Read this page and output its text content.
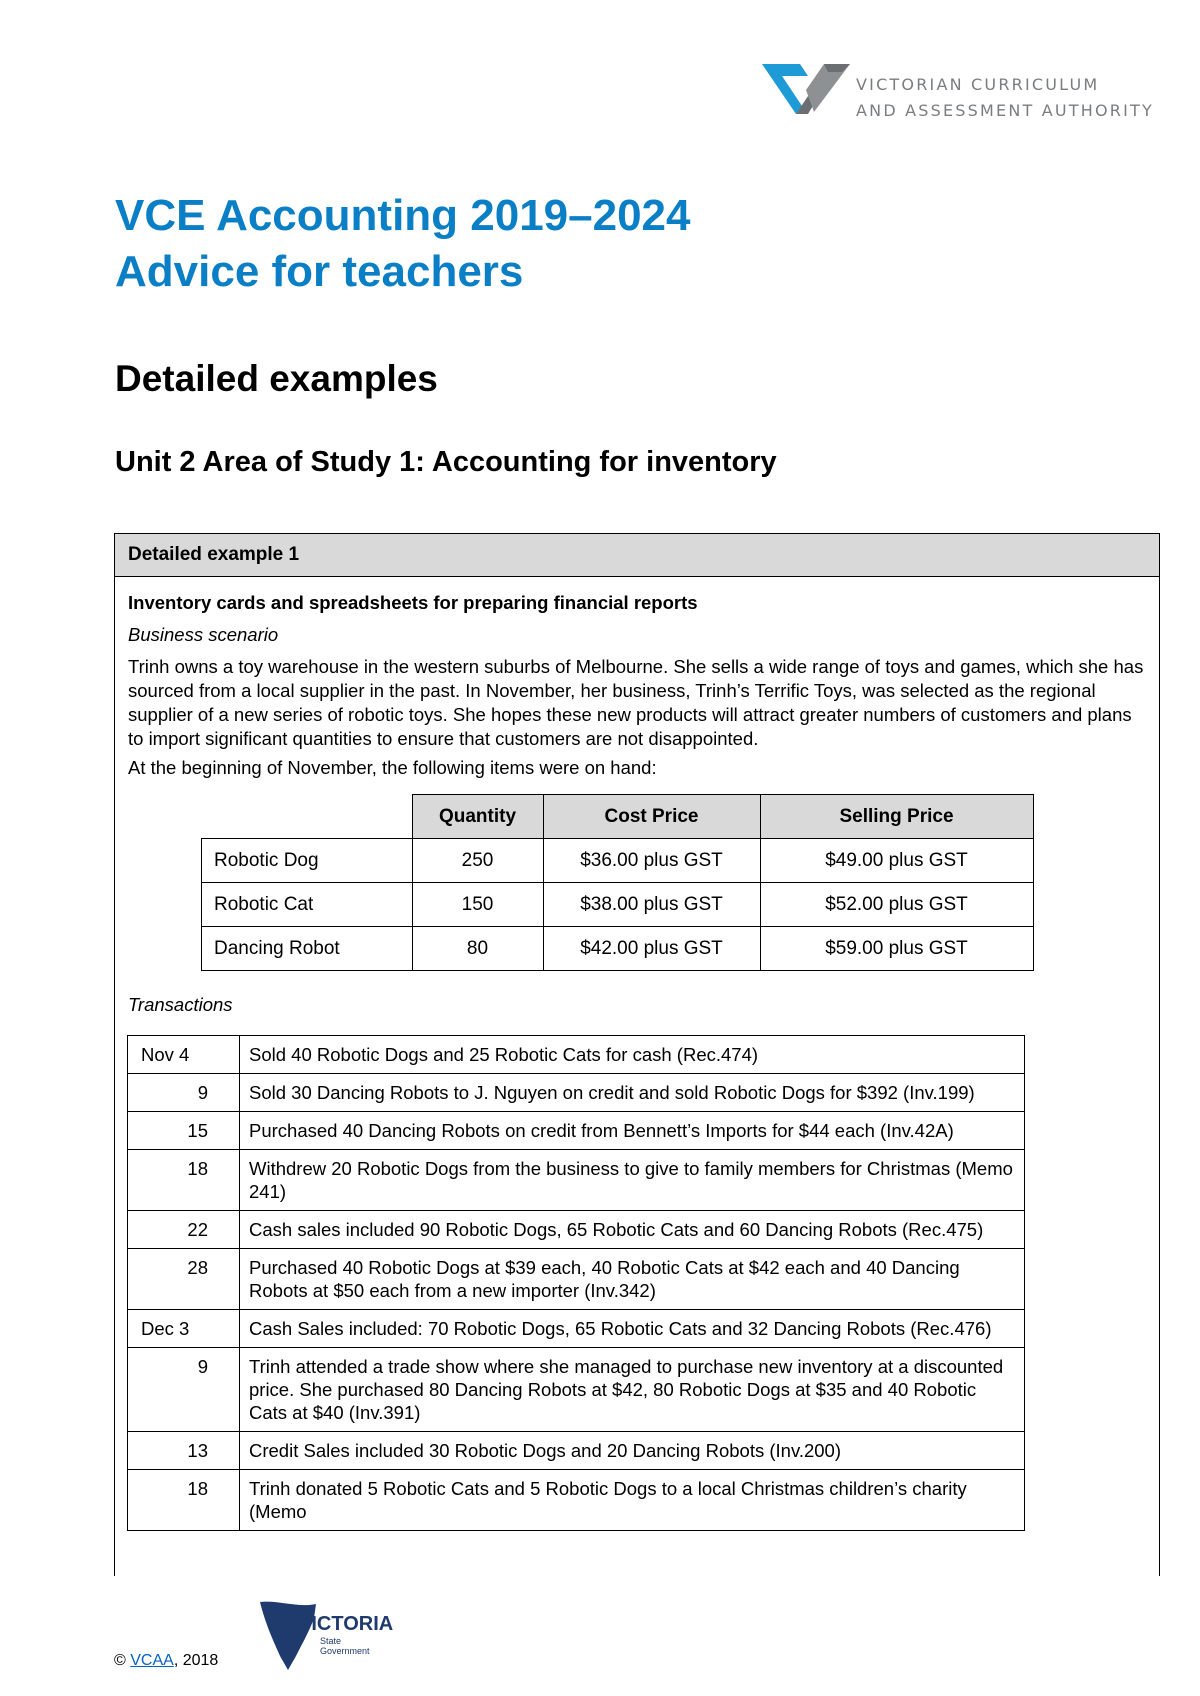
VICTORIAN CURRICULUM
AND ASSESSMENT AUTHORITY
VCE Accounting 2019–2024
Advice for teachers
Detailed examples
Unit 2 Area of Study 1: Accounting for inventory
Detailed example 1

Inventory cards and spreadsheets for preparing financial reports

Business scenario

Trinh owns a toy warehouse in the western suburbs of Melbourne. She sells a wide range of toys and games, which she has sourced from a local supplier in the past. In November, her business, Trinh’s Terrific Toys, was selected as the regional supplier of a new series of robotic toys. She hopes these new products will attract greater numbers of customers and plans to import significant quantities to ensure that customers are not disappointed.

At the beginning of November, the following items were on hand:

	Quantity	Cost Price	Selling Price
Robotic Dog	250	$36.00 plus GST	$49.00 plus GST
Robotic Cat	150	$38.00 plus GST	$52.00 plus GST
Dancing Robot	80	$42.00 plus GST	$59.00 plus GST

Transactions

Nov 4	Sold 40 Robotic Dogs and 25 Robotic Cats for cash (Rec.474)
9	Sold 30 Dancing Robots to J. Nguyen on credit and sold Robotic Dogs for $392 (Inv.199)
15	Purchased 40 Dancing Robots on credit from Bennett’s Imports for $44 each (Inv.42A)
18	Withdrew 20 Robotic Dogs from the business to give to family members for Christmas (Memo 241)
22	Cash sales included 90 Robotic Dogs, 65 Robotic Cats and 60 Dancing Robots (Rec.475)
28	Purchased 40 Robotic Dogs at $39 each, 40 Robotic Cats at $42 each and 40 Dancing Robots at $50 each from a new importer (Inv.342)
Dec 3	Cash Sales included: 70 Robotic Dogs, 65 Robotic Cats and 32 Dancing Robots (Rec.476)
9	Trinh attended a trade show where she managed to purchase new inventory at a discounted price. She purchased 80 Dancing Robots at $42, 80 Robotic Dogs at $35 and 40 Robotic Cats at $40 (Inv.391)
13	Credit Sales included 30 Robotic Dogs and 20 Dancing Robots (Inv.200)
18	Trinh donated 5 Robotic Cats and 5 Robotic Dogs to a local Christmas children’s charity (Memo
VICTORIA
State
Government
© VCAA, 2018
